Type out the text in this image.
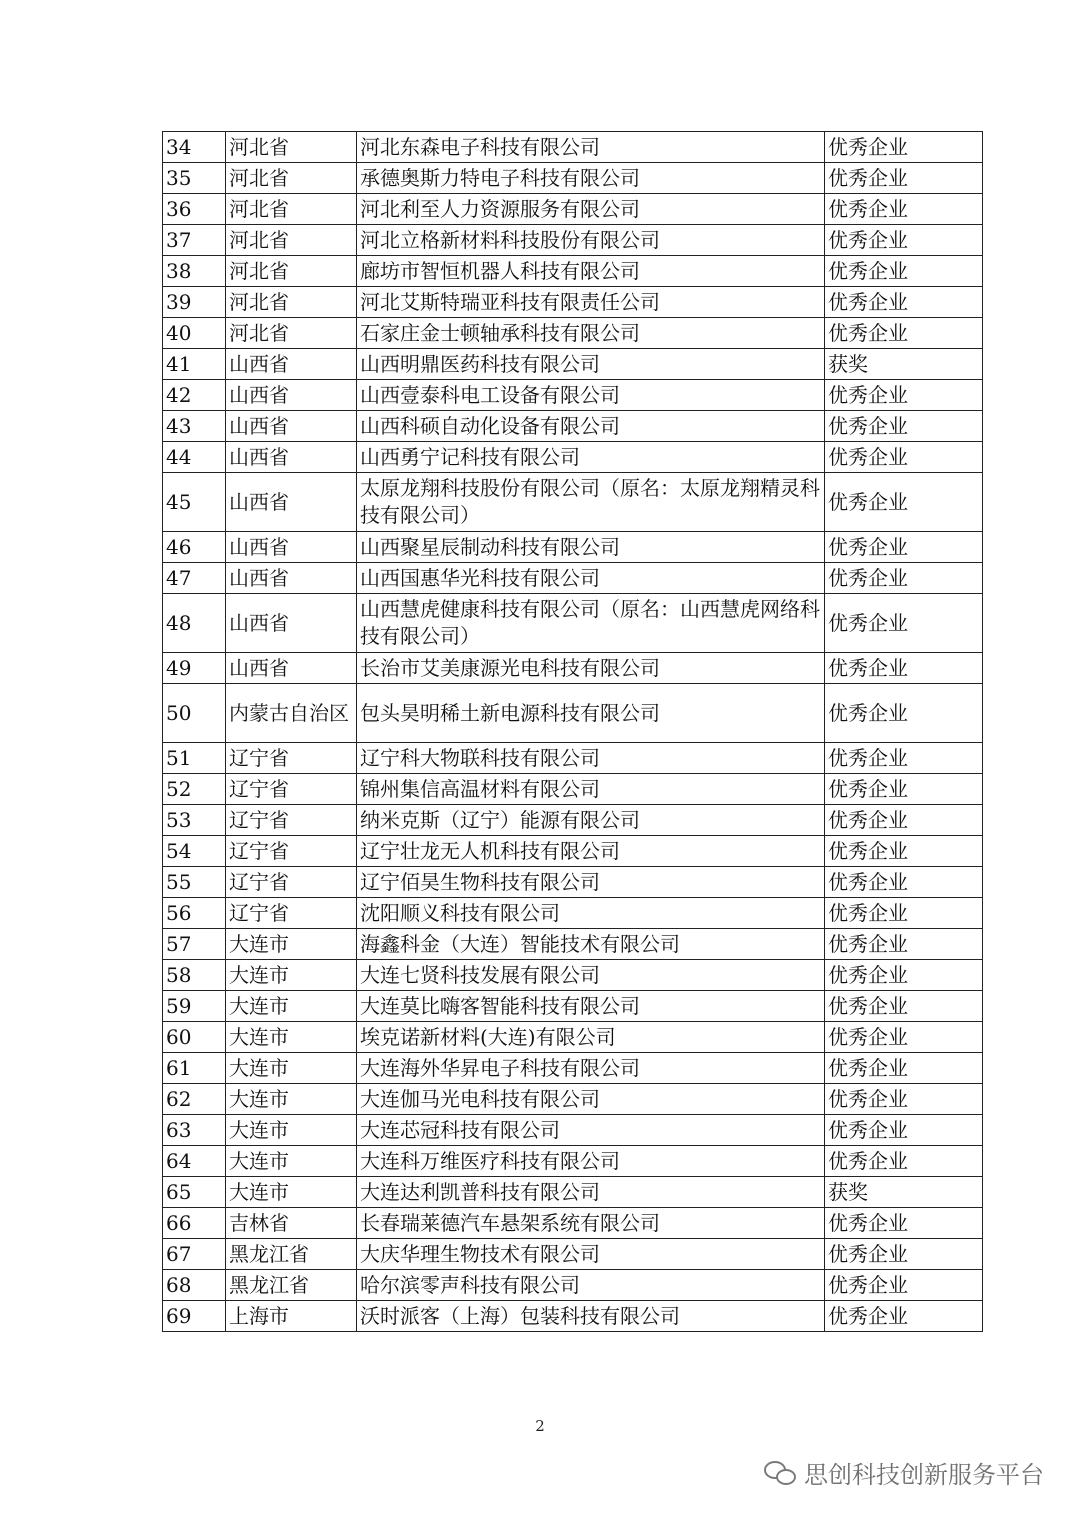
34	河北省	河北东森电子科技有限公司	优秀企业
35	河北省	承德奥斯力特电子科技有限公司	优秀企业
36	河北省	河北利至人力资源服务有限公司	优秀企业
37	河北省	河北立格新材料科技股份有限公司	优秀企业
38	河北省	廊坊市智恒机器人科技有限公司	优秀企业
39	河北省	河北艾斯特瑞亚科技有限责任公司	优秀企业
40	河北省	石家庄金士顿轴承科技有限公司	优秀企业
41	山西省	山西明鼎医药科技有限公司	获奖
42	山西省	山西壹泰科电工设备有限公司	优秀企业
43	山西省	山西科硕自动化设备有限公司	优秀企业
44	山西省	山西勇宁记科技有限公司	优秀企业
45	山西省	太原龙翔科技股份有限公司（原名：太原龙翔精灵科技有限公司）	优秀企业
46	山西省	山西聚星辰制动科技有限公司	优秀企业
47	山西省	山西国惠华光科技有限公司	优秀企业
48	山西省	山西慧虎健康科技有限公司（原名：山西慧虎网络科技有限公司）	优秀企业
49	山西省	长治市艾美康源光电科技有限公司	优秀企业
50	内蒙古自治区	包头昊明稀土新电源科技有限公司	优秀企业
51	辽宁省	辽宁科大物联科技有限公司	优秀企业
52	辽宁省	锦州集信高温材料有限公司	优秀企业
53	辽宁省	纳米克斯（辽宁）能源有限公司	优秀企业
54	辽宁省	辽宁壮龙无人机科技有限公司	优秀企业
55	辽宁省	辽宁佰昊生物科技有限公司	优秀企业
56	辽宁省	沈阳顺义科技有限公司	优秀企业
57	大连市	海鑫科金（大连）智能技术有限公司	优秀企业
58	大连市	大连七贤科技发展有限公司	优秀企业
59	大连市	大连莫比嗨客智能科技有限公司	优秀企业
60	大连市	埃克诺新材料(大连)有限公司	优秀企业
61	大连市	大连海外华昇电子科技有限公司	优秀企业
62	大连市	大连伽马光电科技有限公司	优秀企业
63	大连市	大连芯冠科技有限公司	优秀企业
64	大连市	大连科万维医疗科技有限公司	优秀企业
65	大连市	大连达利凯普科技有限公司	获奖
66	吉林省	长春瑞莱德汽车悬架系统有限公司	优秀企业
67	黑龙江省	大庆华理生物技术有限公司	优秀企业
68	黑龙江省	哈尔滨零声科技有限公司	优秀企业
69	上海市	沃时派客（上海）包装科技有限公司	优秀企业
2
思创科技创新服务平台
